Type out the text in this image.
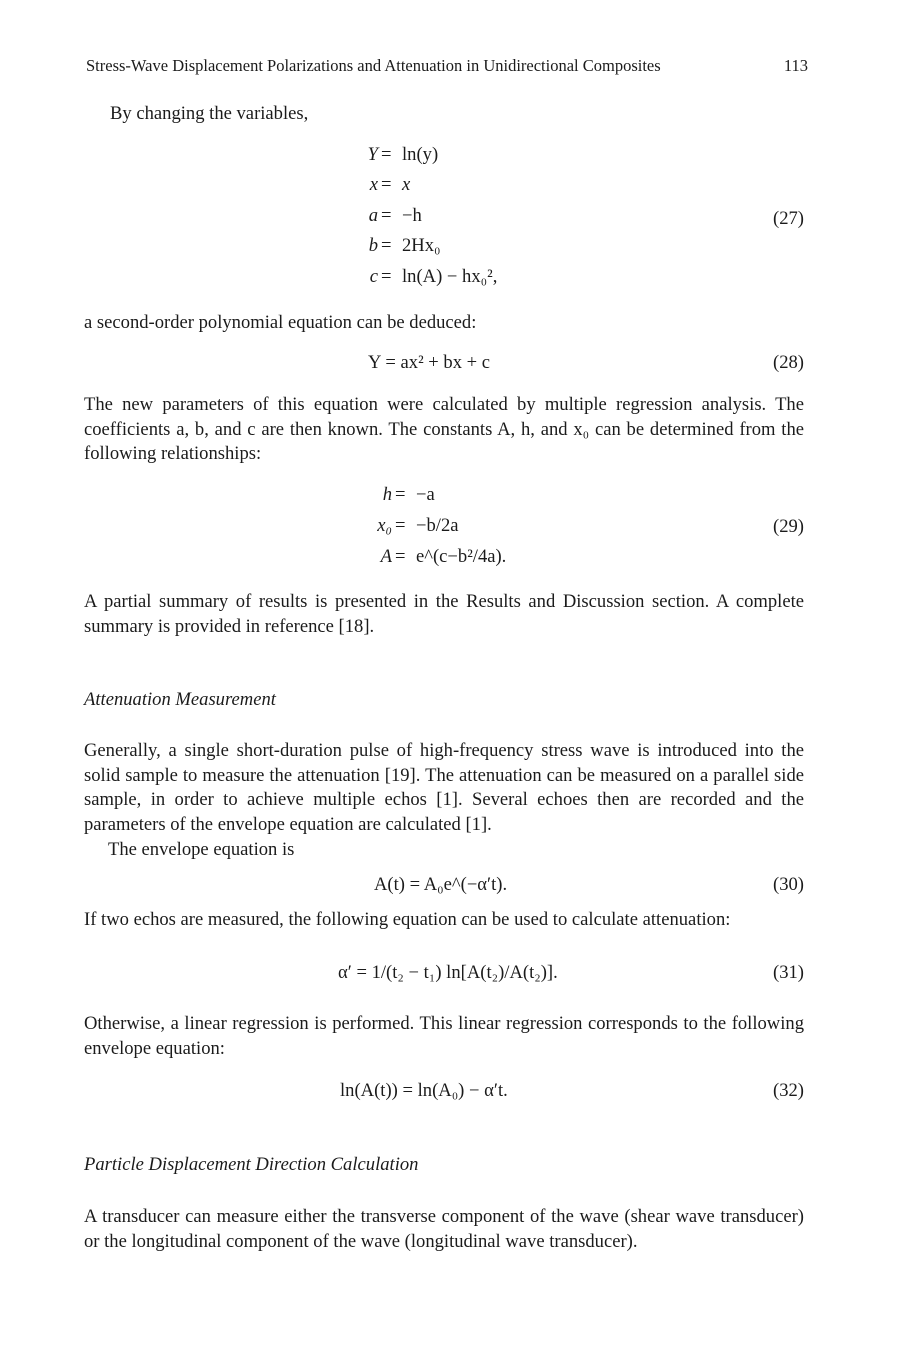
Stress-Wave Displacement Polarizations and Attenuation in Unidirectional Composites	113
By changing the variables,
Y = ln(y)
x = x
a = −h
b = 2Hx₀
c = ln(A) − hx₀²,
(27)
a second-order polynomial equation can be deduced:
Y = ax² + bx + c	(28)
The new parameters of this equation were calculated by multiple regression analysis. The coefficients a, b, and c are then known. The constants A, h, and x₀ can be determined from the following relationships:
h = −a
x₀ = −b/2a
A = e^(c−b²/4a).
(29)
A partial summary of results is presented in the Results and Discussion section. A complete summary is provided in reference [18].
Attenuation Measurement
Generally, a single short-duration pulse of high-frequency stress wave is introduced into the solid sample to measure the attenuation [19]. The attenuation can be measured on a parallel side sample, in order to achieve multiple echos [1]. Several echoes then are recorded and the parameters of the envelope equation are calculated [1].
The envelope equation is
A(t) = A₀e^(−α′t).	(30)
If two echos are measured, the following equation can be used to calculate attenuation:
α′ = 1/(t₂ − t₁) ln[A(t₂)/A(t₂)].	(31)
Otherwise, a linear regression is performed. This linear regression corresponds to the following envelope equation:
ln(A(t)) = ln(A₀) − α′t.	(32)
Particle Displacement Direction Calculation
A transducer can measure either the transverse component of the wave (shear wave transducer) or the longitudinal component of the wave (longitudinal wave transducer).
